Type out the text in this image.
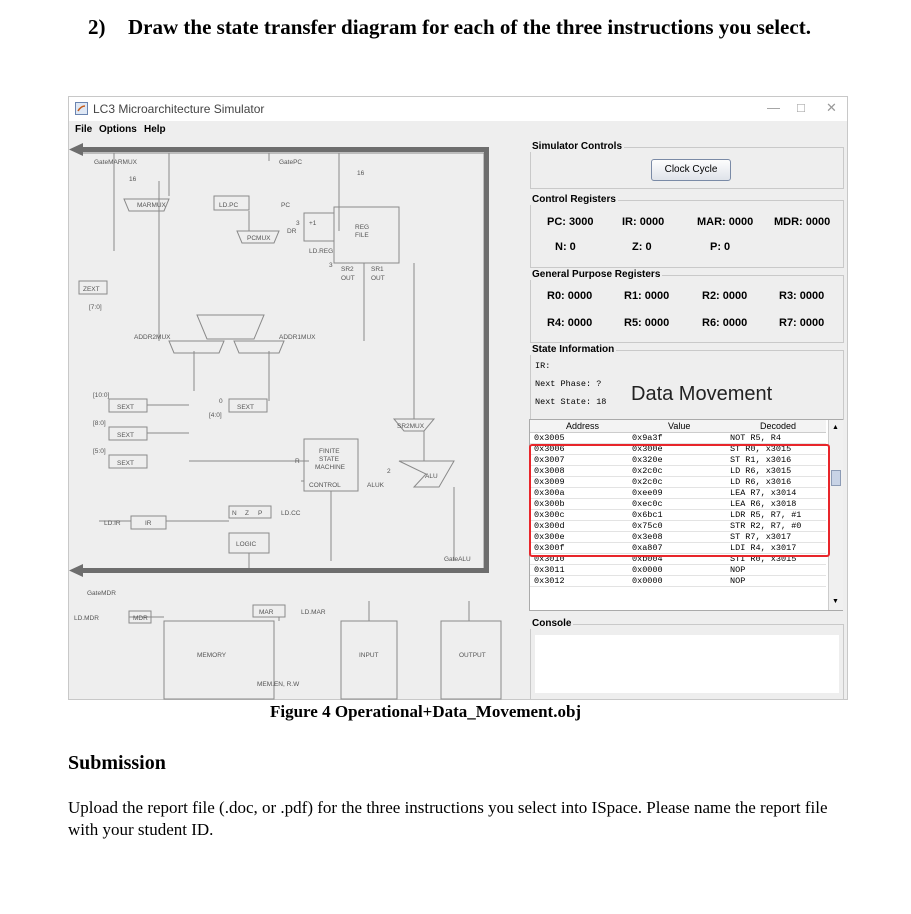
2) Draw the state transfer diagram for each of the three instructions you select.
LC3 Microarchitecture Simulator	— □ ✕
File Options Help
GateMARMUX	GatePC
MARMUX	LD.PC	PC
+1
PCMUX
DR
REG
FILE
LD.REG
SR2	SR1
OUT	OUT
ZEXT
[7:0]
ADDR2MUX	ADDR1MUX
[10:0]
[8:0]
[5:0]
[4:0]
SEXT
SEXT
SEXT
SEXT
SR2MUX
FINITE
STATE
MACHINE
CONTROL	ALUK
ALU
LD.IR	IR
N Z P	LD.CC
LOGIC
GateALU
GateMDR
LD.MDR	MDR
MAR	LD.MAR
MEMORY	INPUT	OUTPUT
MEM.EN, R.W
R
16
16
3
3
2
0
Simulator Controls
Clock Cycle
Control Registers
PC: 3000	IR: 0000	MAR: 0000 MDR: 0000
N: 0	Z: 0	P: 0
General Purpose Registers
R0: 0000	R1: 0000	R2: 0000	R3: 0000
R4: 0000	R5: 0000	R6: 0000	R7: 0000
State Information
IR:
Next Phase: ?
Next State: 18 Data Movement
Address	Value	Decoded
0x3005	0x9a3f	NOT R5, R4
0x3006	0x300e	ST R0, x3015
0x3007	0x320e	ST R1, x3016
0x3008	0x2c0c	LD R6, x3015
0x3009	0x2c0c	LD R6, x3016
0x300a	0xee09	LEA R7, x3014
0x300b	0xec0c	LEA R6, x3018
0x300c	0x6bc1	LDR R5, R7, #1
0x300d	0x75c0	STR R2, R7, #0
0x300e	0x3e08	ST R7, x3017
0x300f	0xa807	LDI R4, x3017
0x3010	0xb004	STI R0, x3015
0x3011	0x0000	NOP
0x3012	0x0000	NOP
▲
▼
Console
Figure 4 Operational+Data_Movement.obj
Submission
Upload the report file (.doc, or .pdf) for the three instructions you select into ISpace. Please name the report file with your student ID.
